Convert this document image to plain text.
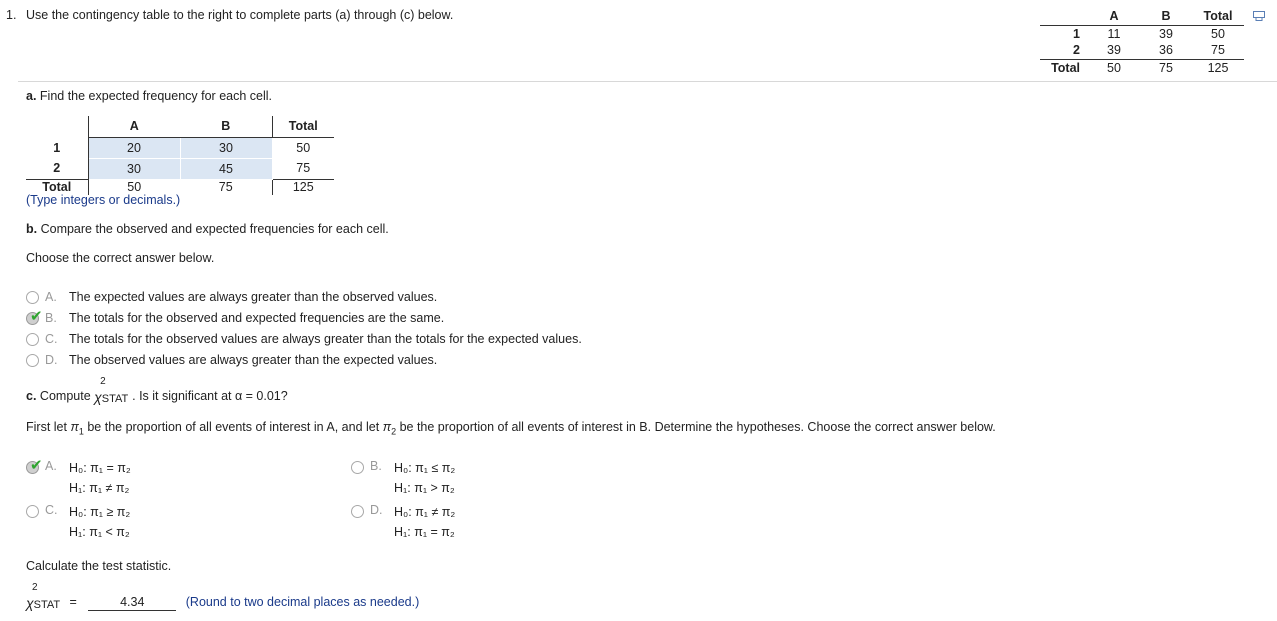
1. Use the contingency table to the right to complete parts (a) through (c) below.
		A	B	Total
1	11	39	50
2	39	36	75
Total	50	75	125
a. Find the expected frequency for each cell.
	A	B	Total
1	20	30	50
2	30	45	75
Total	50	75	125
(Type integers or decimals.)
b. Compare the observed and expected frequencies for each cell.
Choose the correct answer below.
A. The expected values are always greater than the observed values.
✔ B. The totals for the observed and expected frequencies are the same.
C. The totals for the observed values are always greater than the totals for the expected values.
D. The observed values are always greater than the expected values.
c. Compute χSTAT
2
. Is it significant at α = 0.01?
First let $\pi_1$ be the proportion of all events of interest in A, and let $\pi_2$ be the proportion of all events of interest in B. Determine the hypotheses. Choose the correct answer below.
✔ A. H₀: π₁ = π₂
H₁: π₁ ≠ π₂
B. H₀: π₁ ≤ π₂
H₁: π₁ > π₂
C. H₀: π₁ ≥ π₂
H₁: π₁ < π₂
D. H₀: π₁ ≠ π₂
H₁: π₁ = π₂
Calculate the test statistic.
χSTAT
2
=	4.34	(Round to two decimal places as needed.)
